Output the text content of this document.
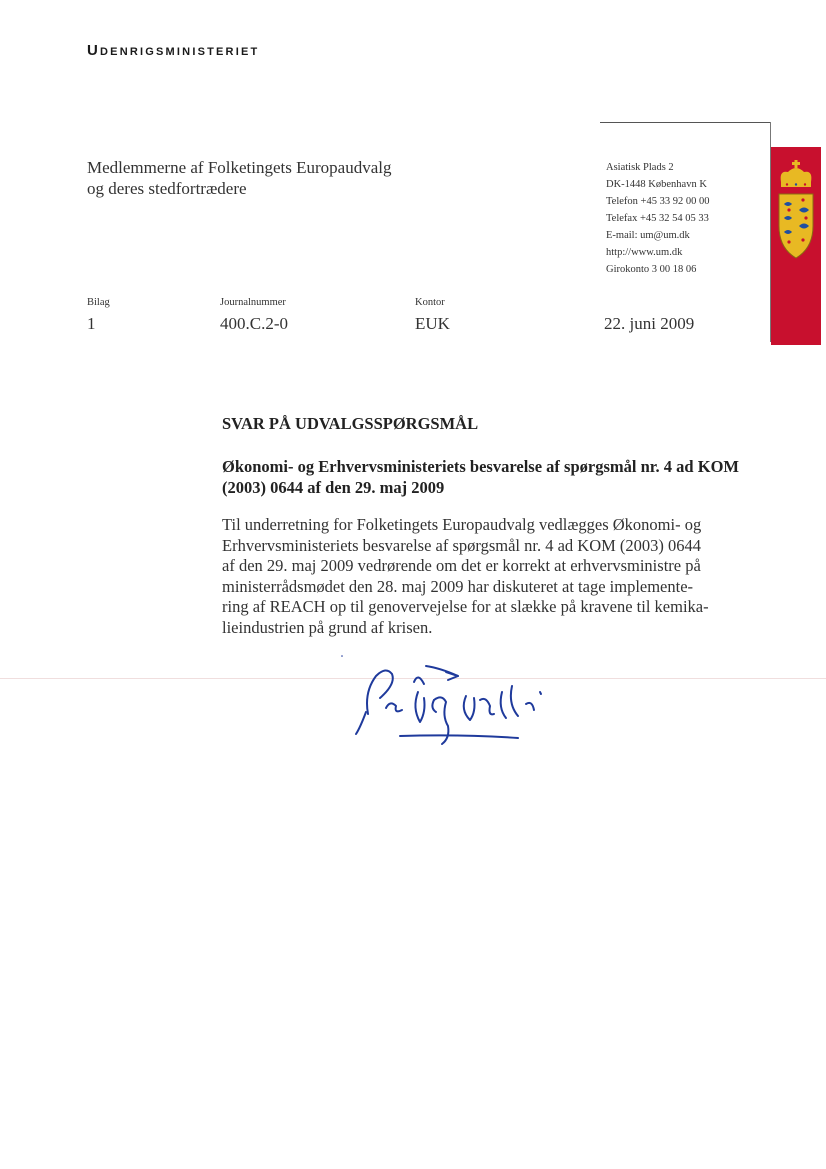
Udenrigsministeriet
Medlemmerne af Folketingets Europaudvalg
og deres stedfortrædere
Asiatisk Plads 2
DK-1448 København K
Telefon +45 33 92 00 00
Telefax +45 32 54 05 33
E-mail: um@um.dk
http://www.um.dk
Girokonto 3 00 18 06
Bilag
1
Journalnummer
400.C.2-0
Kontor
EUK	22. juni 2009
SVAR PÅ UDVALGSSPØRGSMÅL
Økonomi- og Erhvervsministeriets besvarelse af spørgsmål nr. 4 ad KOM (2003) 0644 af den 29. maj 2009
Til underretning for Folketingets Europaudvalg vedlægges Økonomi- og
Erhvervsministeriets besvarelse af spørgsmål nr. 4 ad KOM (2003) 0644
af den 29. maj 2009 vedrørende om det er korrekt at erhvervsministre på
ministerrådsmødet den 28. maj 2009 har diskuteret at tage implemente-
ring af REACH op til genovervejelse for at slække på kravene til kemika-
lieindustrien på grund af krisen.
